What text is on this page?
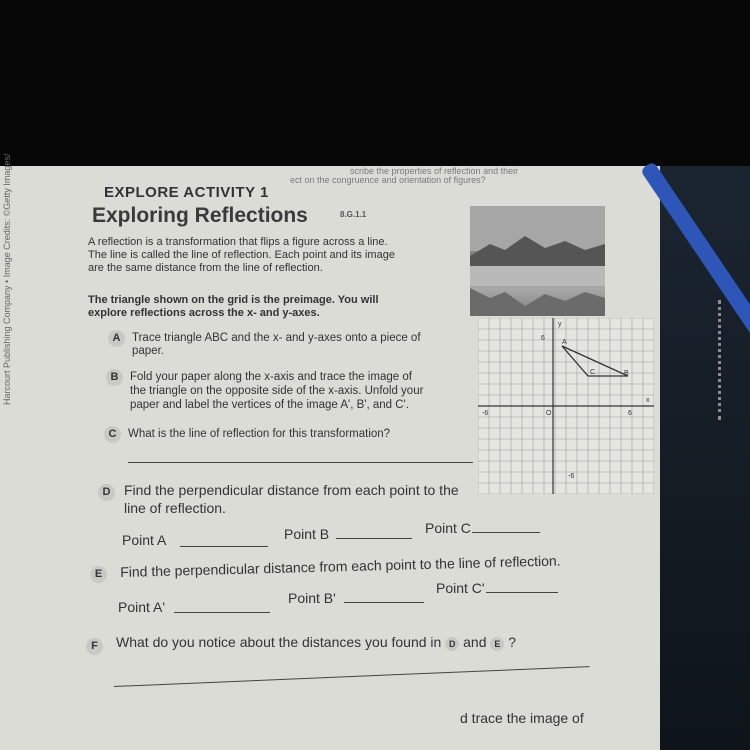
scribe the properties of reflection and their
ect on the congruence and orientation of figures?
EXPLORE ACTIVITY 1
8.G.1.1
Exploring Reflections
A reflection is a transformation that flips a figure across a line.
The line is called the line of reflection. Each point and its image
are the same distance from the line of reflection.
The triangle shown on the grid is the preimage. You will
explore reflections across the x- and y-axes.
A	Trace triangle ABC and the x- and y-axes onto a piece of
paper.
B	Fold your paper along the x-axis and trace the image of
the triangle on the opposite side of the x-axis. Unfold your
paper and label the vertices of the image A', B', and C'.
C	What is the line of reflection for this transformation?
D Find the perpendicular distance from each point to the
line of reflection.
Point A	Point B	Point C
E	Find the perpendicular distance from each point to the line of reflection.
Point A'
Point B'
Point C'
F	What do you notice about the distances you found in D and E ?
d trace the image of
y
x
6
-6	6
O
-6
A
B
C
Harcourt Publishing Company • Image Credits: ©Getty Images/
